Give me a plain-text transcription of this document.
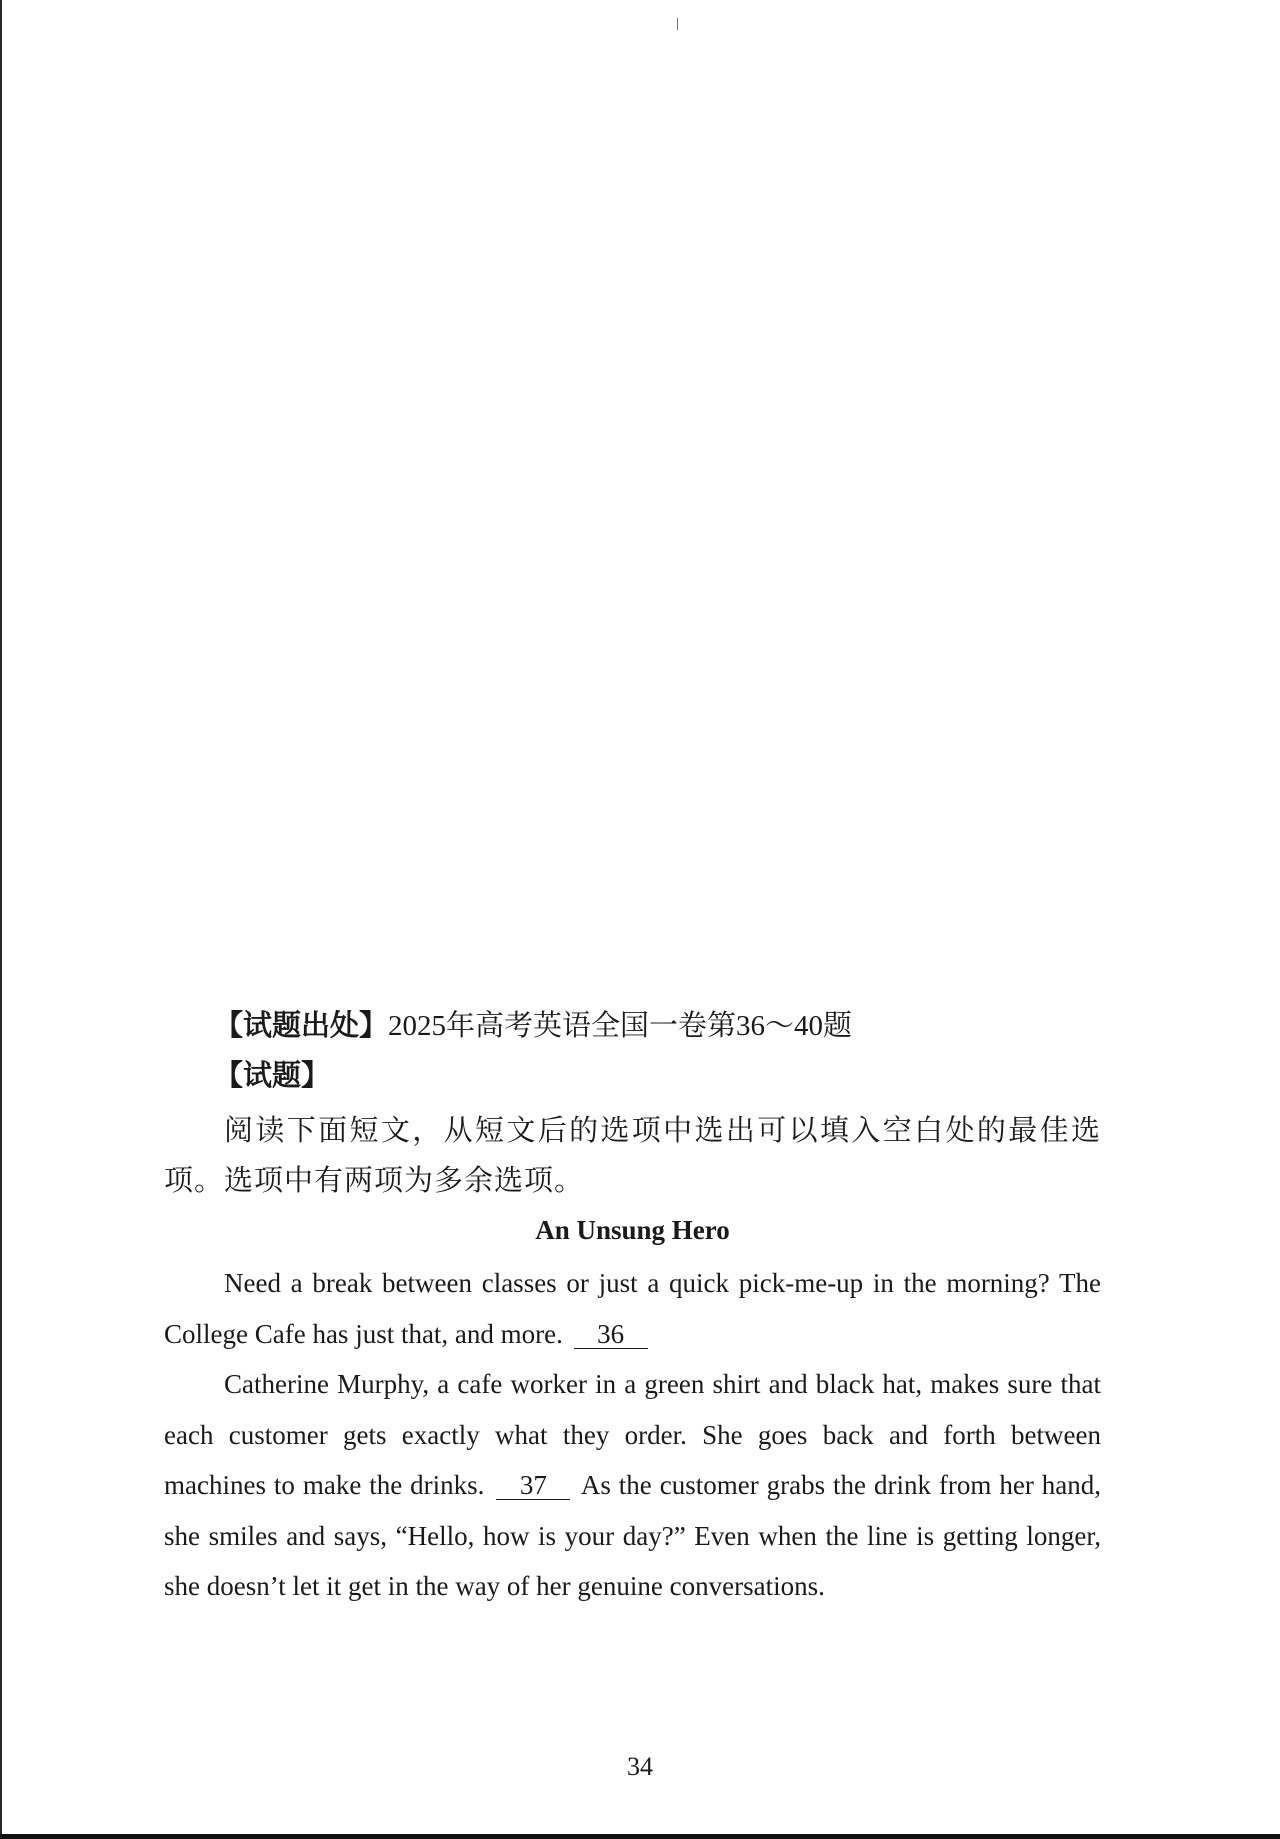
【试题出处】2025年高考英语全国一卷第36～40题
【试题】
阅读下面短文，从短文后的选项中选出可以填入空白处的最佳选项。选项中有两项为多余选项。
An Unsung Hero
Need a break between classes or just a quick pick-me-up in the morning? The College Cafe has just that, and more. 36
Catherine Murphy, a cafe worker in a green shirt and black hat, makes sure that each customer gets exactly what they order. She goes back and forth between machines to make the drinks. 37 As the customer grabs the drink from her hand, she smiles and says, “Hello, how is your day?” Even when the line is getting longer, she doesn’t let it get in the way of her genuine conversations.
34
